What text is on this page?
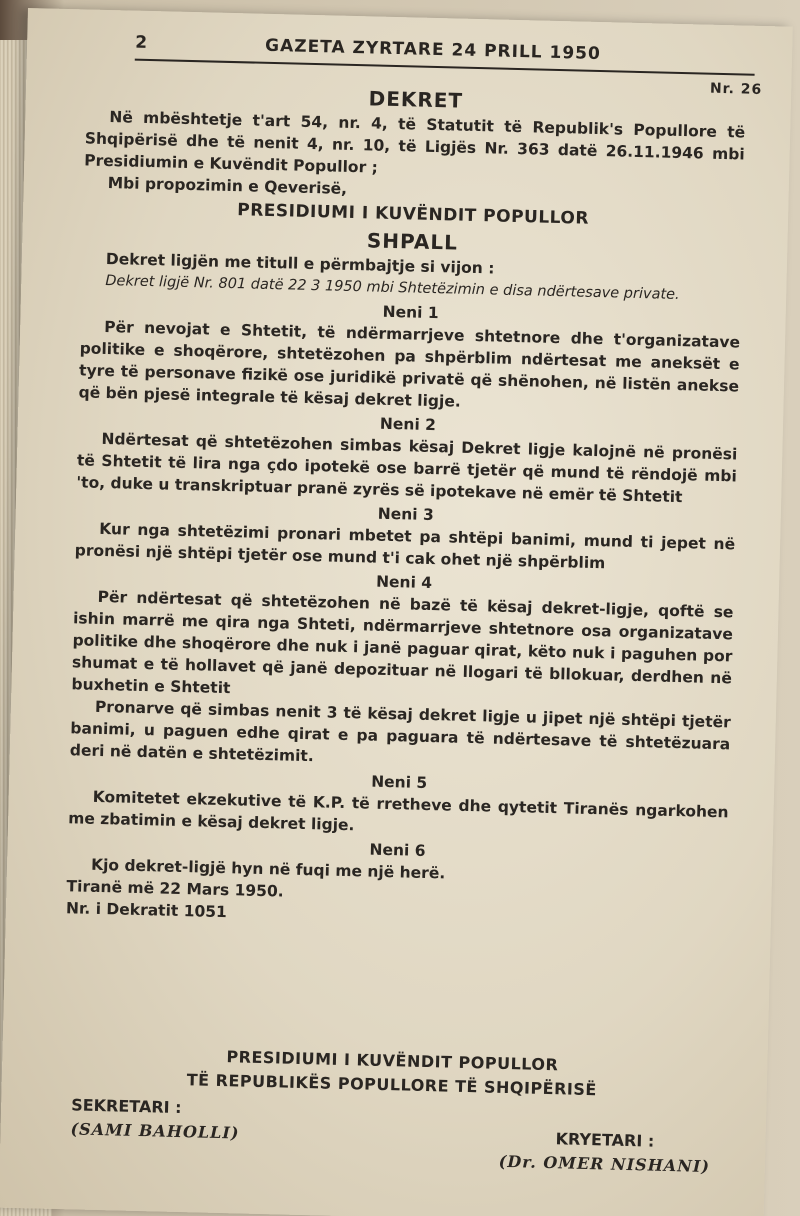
2	GAZETA ZYRTARE 24 PRILL 1950
Nr. 26

DEKRET

Në mbështetje t'art 54, nr. 4, të Statutit të Republik's Popullore të Shqipërisë dhe të nenit 4, nr. 10, të Ligjës Nr. 363 datë 26.11.1946 mbi Presidiumin e Kuvëndit Popullor ;

Mbi propozimin e Qeverisë,

PRESIDIUMI I KUVËNDIT POPULLOR

SHPALL

Dekret ligjën me titull e përmbajtje si vijon :

Dekret ligjë Nr. 801 datë 22 3 1950 mbi Shtetëzimin e disa ndërtesave private.

Neni 1

Për nevojat e Shtetit, të ndërmarrjeve shtetnore dhe t'organizatave politike e shoqërore, shtetëzohen pa shpërblim ndërtesat me aneksët e tyre të personave fizikë ose juridikë privatë që shënohen, në listën anekse që bën pjesë integrale të kësaj dekret ligje.

Neni 2

Ndërtesat që shtetëzohen simbas kësaj Dekret ligje kalojnë në pronësi të Shtetit të lira nga çdo ipotekë ose barrë tjetër që mund të rëndojë mbi 'to, duke u transkriptuar pranë zyrës së ipotekave në emër të Shtetit

Neni 3

Kur nga shtetëzimi pronari mbetet pa shtëpi banimi, mund ti jepet në pronësi një shtëpi tjetër ose mund t'i cak ohet një shpërblim

Neni 4

Për ndërtesat që shtetëzohen në bazë të kësaj dekret-ligje, qoftë se ishin marrë me qira nga Shteti, ndërmarrjeve shtetnore osa organizatave politike dhe shoqërore dhe nuk i janë paguar qirat, këto nuk i paguhen por shumat e të hollavet që janë depozituar në llogari të bllokuar, derdhen në buxhetin e Shtetit

Pronarve që simbas nenit 3 të kësaj dekret ligje u jipet një shtëpi tjetër banimi, u paguen edhe qirat e pa paguara të ndërtesave të shtetëzuara deri në datën e shtetëzimit.

Neni 5

Komitetet ekzekutive të K.P. të rretheve dhe qytetit Tiranës ngarkohen me zbatimin e kësaj dekret ligje.

Neni 6

Kjo dekret-ligjë hyn në fuqi me një herë.

Tiranë më 22 Mars 1950.

Nr. i Dekratit 1051

PRESIDIUMI I KUVËNDIT POPULLOR
TË REPUBLIKËS POPULLORE TË SHQIPËRISË
SEKRETARI :
(SAMI BAHOLLI)	KRYETARI :
(Dr. OMER NISHANI)
